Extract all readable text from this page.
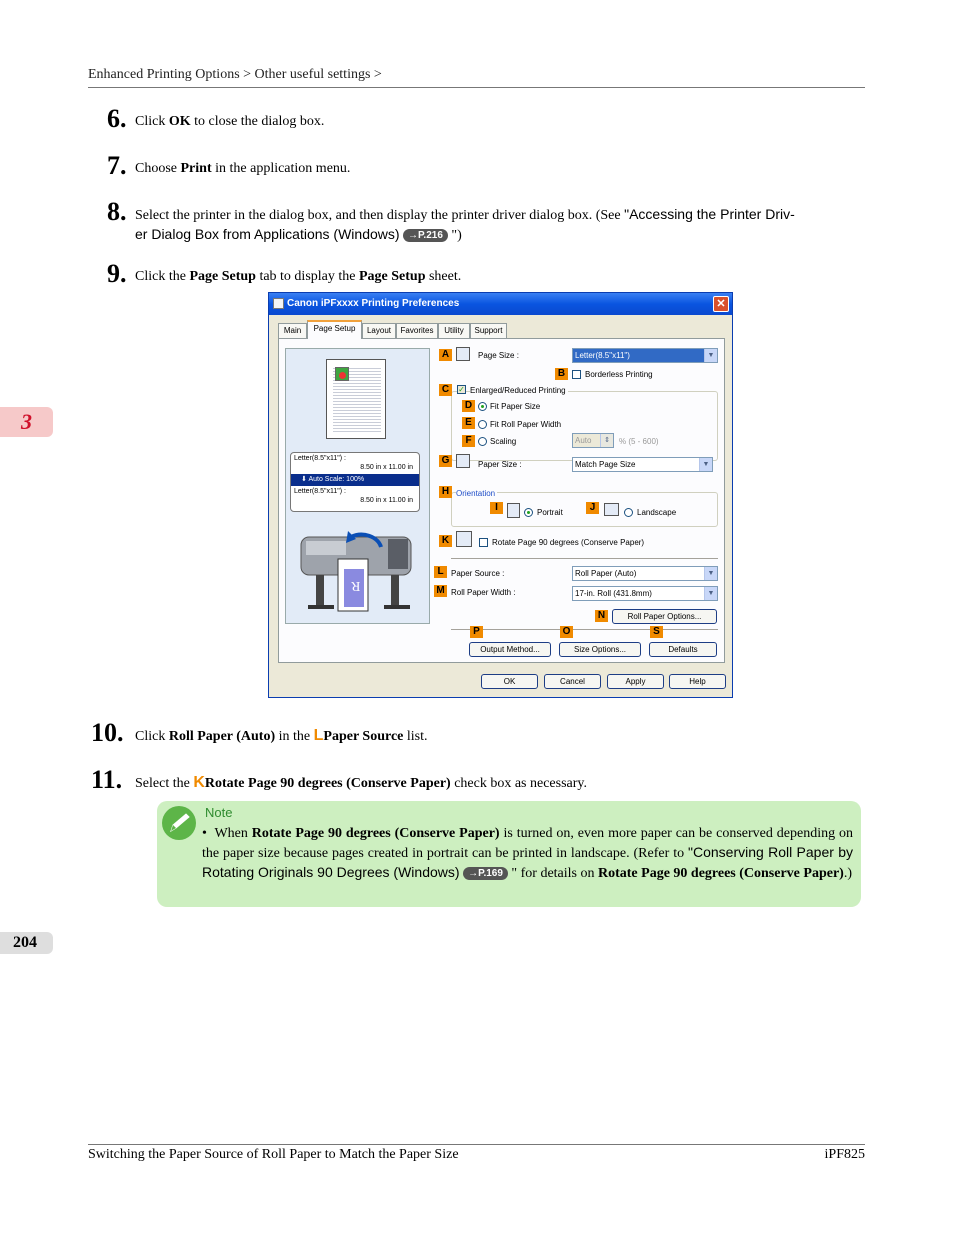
Enhanced Printing Options > Other useful settings >
3
204
6. Click OK to close the dialog box.
7. Choose Print in the application menu.
8. Select the printer in the dialog box, and then display the printer driver dialog box. (See "Accessing the Printer Driv-
er Dialog Box from Applications (Windows) →P.216 ")
9. Click the Page Setup tab to display the Page Setup sheet.
Canon iPFxxxx Printing Preferences	✕
Main	Page Setup	Layout	Favorites	Utility	Support
Letter(8.5"x11") :
8.50 in x 11.00 in
⬇ Auto Scale: 100%
Letter(8.5"x11") :
8.50 in x 11.00 in
R
A	Page Size :	Letter(8.5"x11")	▼
B	Borderless Printing
C	✓ Enlarged/Reduced Printing
D	Fit Paper Size
E	Fit Roll Paper Width
F	Scaling	Auto	⇕	% (5 - 600)
G	Paper Size :	Match Page Size	▼
H Orientation
I	Portrait	J	Landscape
K	Rotate Page 90 degrees (Conserve Paper)
L Paper Source :	Roll Paper (Auto)	▼
M Roll Paper Width :	17-in. Roll (431.8mm)	▼
N	Roll Paper Options...
P	O	S
Output Method...	Size Options...	Defaults
OK	Cancel	Apply	Help
10. Click Roll Paper (Auto) in the LPaper Source list.
11. Select the KRotate Page 90 degrees (Conserve Paper) check box as necessary.
Note
• When Rotate Page 90 degrees (Conserve Paper) is turned on, even more paper can be conserved depending on the paper size because pages created in portrait can be printed in landscape. (Refer to "Conserving Roll Paper by Rotating Originals 90 Degrees (Windows) →P.169 " for details on Rotate Page 90 degrees (Conserve Paper).)
Switching the Paper Source of Roll Paper to Match the Paper Size	iPF825
